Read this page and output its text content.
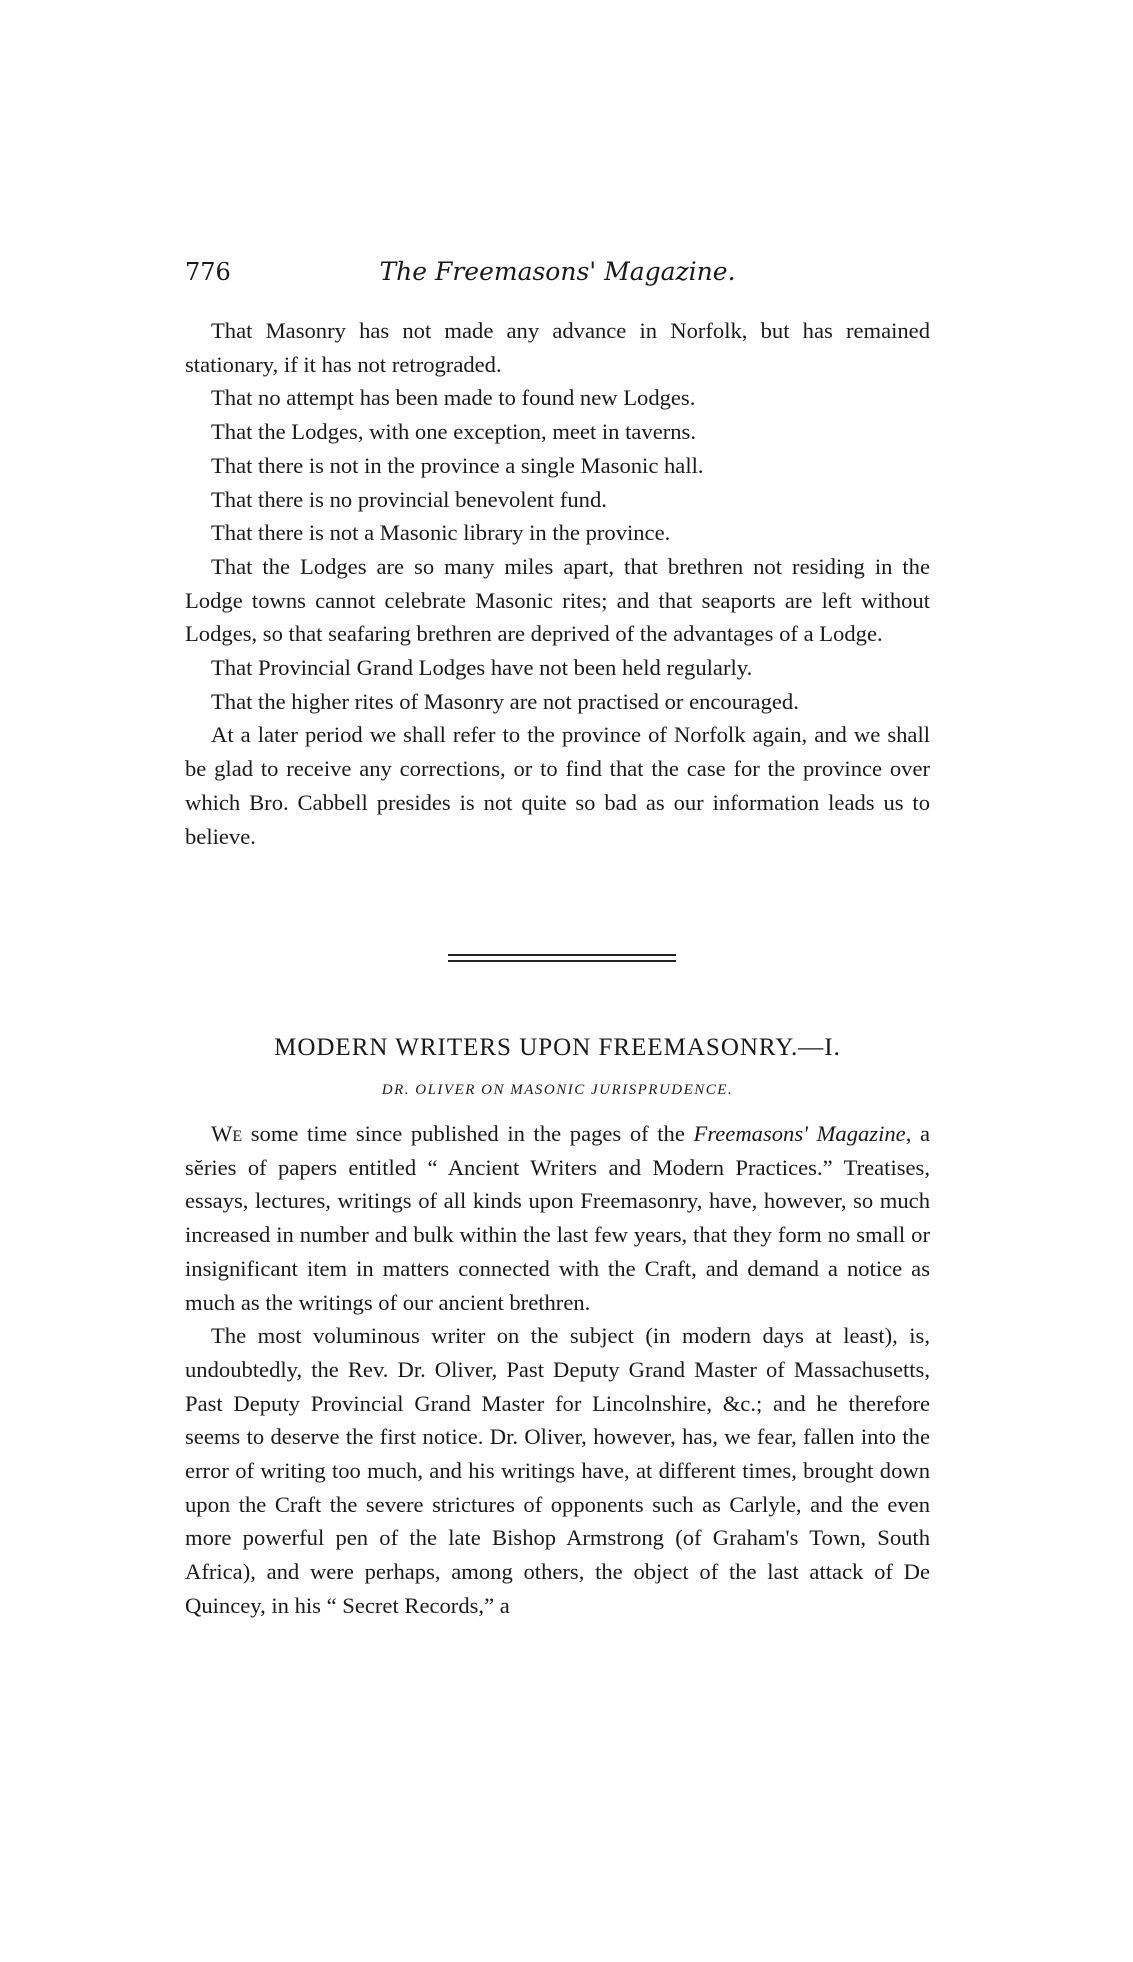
776	The Freemasons' Magazine.

That Masonry has not made any advance in Norfolk, but has remained stationary, if it has not retrograded.

That no attempt has been made to found new Lodges.

That the Lodges, with one exception, meet in taverns.

That there is not in the province a single Masonic hall.

That there is no provincial benevolent fund.

That there is not a Masonic library in the province.

That the Lodges are so many miles apart, that brethren not residing in the Lodge towns cannot celebrate Masonic rites; and that seaports are left without Lodges, so that seafaring brethren are deprived of the advantages of a Lodge.

That Provincial Grand Lodges have not been held regularly.

That the higher rites of Masonry are not practised or encouraged.

At a later period we shall refer to the province of Norfolk again, and we shall be glad to receive any corrections, or to find that the case for the province over which Bro. Cabbell presides is not quite so bad as our information leads us to believe.

MODERN WRITERS UPON FREEMASONRY.—I.
DR. OLIVER ON MASONIC JURISPRUDENCE.

We some time since published in the pages of the Freemasons' Magazine, a sĕries of papers entitled “ Ancient Writers and Modern Practices.” Treatises, essays, lectures, writings of all kinds upon Freemasonry, have, however, so much increased in number and bulk within the last few years, that they form no small or insignificant item in matters connected with the Craft, and demand a notice as much as the writings of our ancient brethren.

The most voluminous writer on the subject (in modern days at least), is, undoubtedly, the Rev. Dr. Oliver, Past Deputy Grand Master of Massachusetts, Past Deputy Provincial Grand Master for Lincolnshire, &c.; and he therefore seems to deserve the first notice. Dr. Oliver, however, has, we fear, fallen into the error of writing too much, and his writings have, at different times, brought down upon the Craft the severe strictures of opponents such as Carlyle, and the even more powerful pen of the late Bishop Armstrong (of Graham's Town, South Africa), and were perhaps, among others, the object of the last attack of De Quincey, in his “ Secret Records,” a
